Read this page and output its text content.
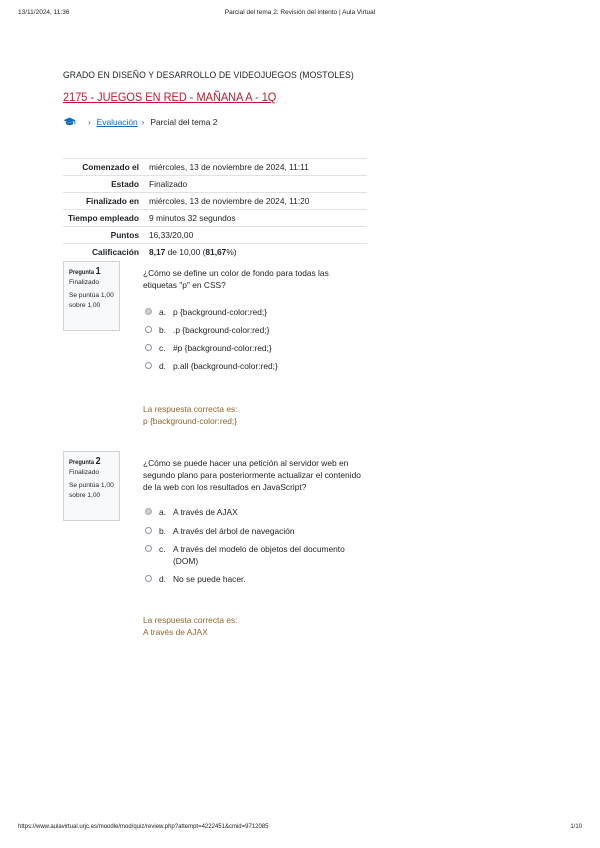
13/11/2024, 11:36	Parcial del tema 2: Revisión del intento | Aula Virtual
GRADO EN DISEÑO Y DESARROLLO DE VIDEOJUEGOS (MOSTOLES)
2175 - JUEGOS EN RED - MAÑANA A - 1Q
› Evaluación › Parcial del tema 2
Comenzado el	miércoles, 13 de noviembre de 2024, 11:11
Estado	Finalizado
Finalizado en	miércoles, 13 de noviembre de 2024, 11:20
Tiempo empleado	9 minutos 32 segundos
Puntos	16,33/20,00
Calificación	8,17 de 10,00 (81,67%)
Pregunta 1
Finalizado
Se puntúa 1,00 sobre 1,00
¿Cómo se define un color de fondo para todas las etiquetas "p" en CSS?
a. p {background-color:red;}
b. .p {background-color:red;}
c. #p {background-color:red;}
d. p.all {background-color:red;}
La respuesta correcta es:
p {background-color:red;}
Pregunta 2
Finalizado
Se puntúa 1,00 sobre 1,00
¿Cómo se puede hacer una petición al servidor web en segundo plano para posteriormente actualizar el contenido de la web con los resultados en JavaScript?
a. A través de AJAX
b. A través del árbol de navegación
c. A través del modelo de objetos del documento (DOM)
d. No se puede hacer.
La respuesta correcta es:
A través de AJAX
https://www.aulavirtual.urjc.es/moodle/mod/quiz/review.php?attempt=4222451&cmid=9712085	1/10
